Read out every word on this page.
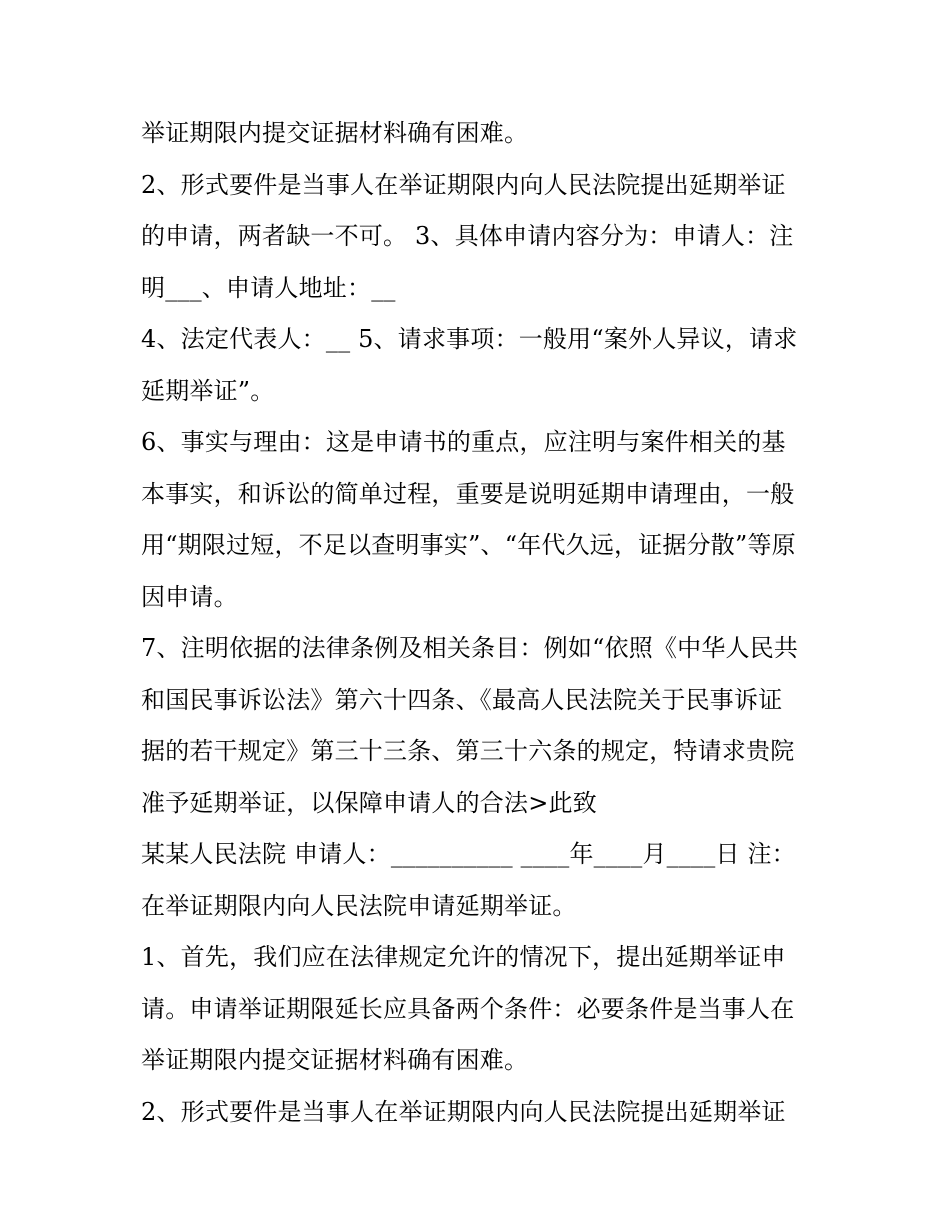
举证期限内提交证据材料确有困难。
2、形式要件是当事人在举证期限内向人民法院提出延期举证
的申请，两者缺一不可。 3、具体申请内容分为：申请人：注
明___、申请人地址：__
4、法定代表人：__ 5、请求事项：一般用“案外人异议，请求
延期举证”。
6、事实与理由：这是申请书的重点，应注明与案件相关的基
本事实，和诉讼的简单过程，重要是说明延期申请理由，一般
用“期限过短，不足以查明事实”、“年代久远，证据分散”等原
因申请。
7、注明依据的法律条例及相关条目：例如“依照《中华人民共
和国民事诉讼法》第六十四条、《最高人民法院关于民事诉证
据的若干规定》第三十三条、第三十六条的规定，特请求贵院
准予延期举证，以保障申请人的合法>此致
某某人民法院 申请人：__________ ____年____月____日 注：
在举证期限内向人民法院申请延期举证。
1、首先，我们应在法律规定允许的情况下，提出延期举证申
请。申请举证期限延长应具备两个条件：必要条件是当事人在
举证期限内提交证据材料确有困难。
2、形式要件是当事人在举证期限内向人民法院提出延期举证
